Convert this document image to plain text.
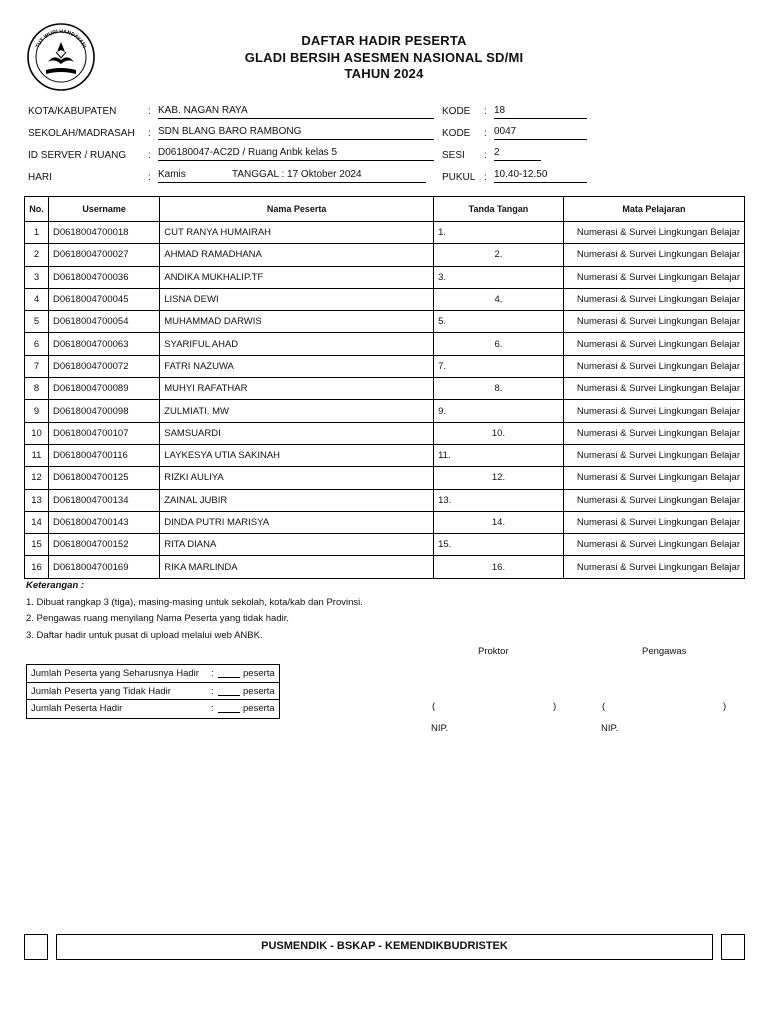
TUT WURI HANDAYANI	DAFTAR HADIR PESERTA
GLADI BERSIH ASESMEN NASIONAL SD/MI
TAHUN 2024
KOTA/KABUPATEN	: KAB. NAGAN RAYA
SEKOLAH/MADRASAH : SDN BLANG BARO RAMBONG
ID SERVER / RUANG : D06180047-AC2D / Ruang Anbk kelas 5
HARI	: Kamis	TANGGAL : 17 Oktober 2024
KODE : 18
KODE : 0047
SESI : 2
PUKUL : 10.40-12.50
No.	Username	Nama Peserta	Tanda Tangan	Mata Pelajaran
1	D0618004700018	CUT RANYA HUMAIRAH	1.	Numerasi & Survei Lingkungan Belajar
2	D0618004700027	AHMAD RAMADHANA	2.	Numerasi & Survei Lingkungan Belajar
3	D0618004700036	ANDIKA MUKHALIP.TF	3.	Numerasi & Survei Lingkungan Belajar
4	D0618004700045	LISNA DEWI	4.	Numerasi & Survei Lingkungan Belajar
5	D0618004700054	MUHAMMAD DARWIS	5.	Numerasi & Survei Lingkungan Belajar
6	D0618004700063	SYARIFUL AHAD	6.	Numerasi & Survei Lingkungan Belajar
7	D0618004700072	FATRI NAZUWA	7.	Numerasi & Survei Lingkungan Belajar
8	D0618004700089	MUHYI RAFATHAR	8.	Numerasi & Survei Lingkungan Belajar
9	D0618004700098	ZULMIATI. MW	9.	Numerasi & Survei Lingkungan Belajar
10	D0618004700107	SAMSUARDI	10.	Numerasi & Survei Lingkungan Belajar
11	D0618004700116	LAYKESYA UTIA SAKINAH	11.	Numerasi & Survei Lingkungan Belajar
12	D0618004700125	RIZKI AULIYA	12.	Numerasi & Survei Lingkungan Belajar
13	D0618004700134	ZAINAL JUBIR	13.	Numerasi & Survei Lingkungan Belajar
14	D0618004700143	DINDA PUTRI MARISYA	14.	Numerasi & Survei Lingkungan Belajar
15	D0618004700152	RITA DIANA	15.	Numerasi & Survei Lingkungan Belajar
16	D0618004700169	RIKA MARLINDA	16.	Numerasi & Survei Lingkungan Belajar
Keterangan :
1. Dibuat rangkap 3 (tiga), masing-masing untuk sekolah, kota/kab dan Provinsi.
2. Pengawas ruang menyilang Nama Peserta yang tidak hadir.
3. Daftar hadir untuk pusat di upload melalui web ANBK.
Jumlah Peserta yang Seharusnya Hadir :	peserta
Jumlah Peserta yang Tidak Hadir	:	peserta
Jumlah Peserta Hadir	:	peserta
Proktor	Pengawas
(	)	(	)
NIP.	NIP.
PUSMENDIK - BSKAP - KEMENDIKBUDRISTEK
